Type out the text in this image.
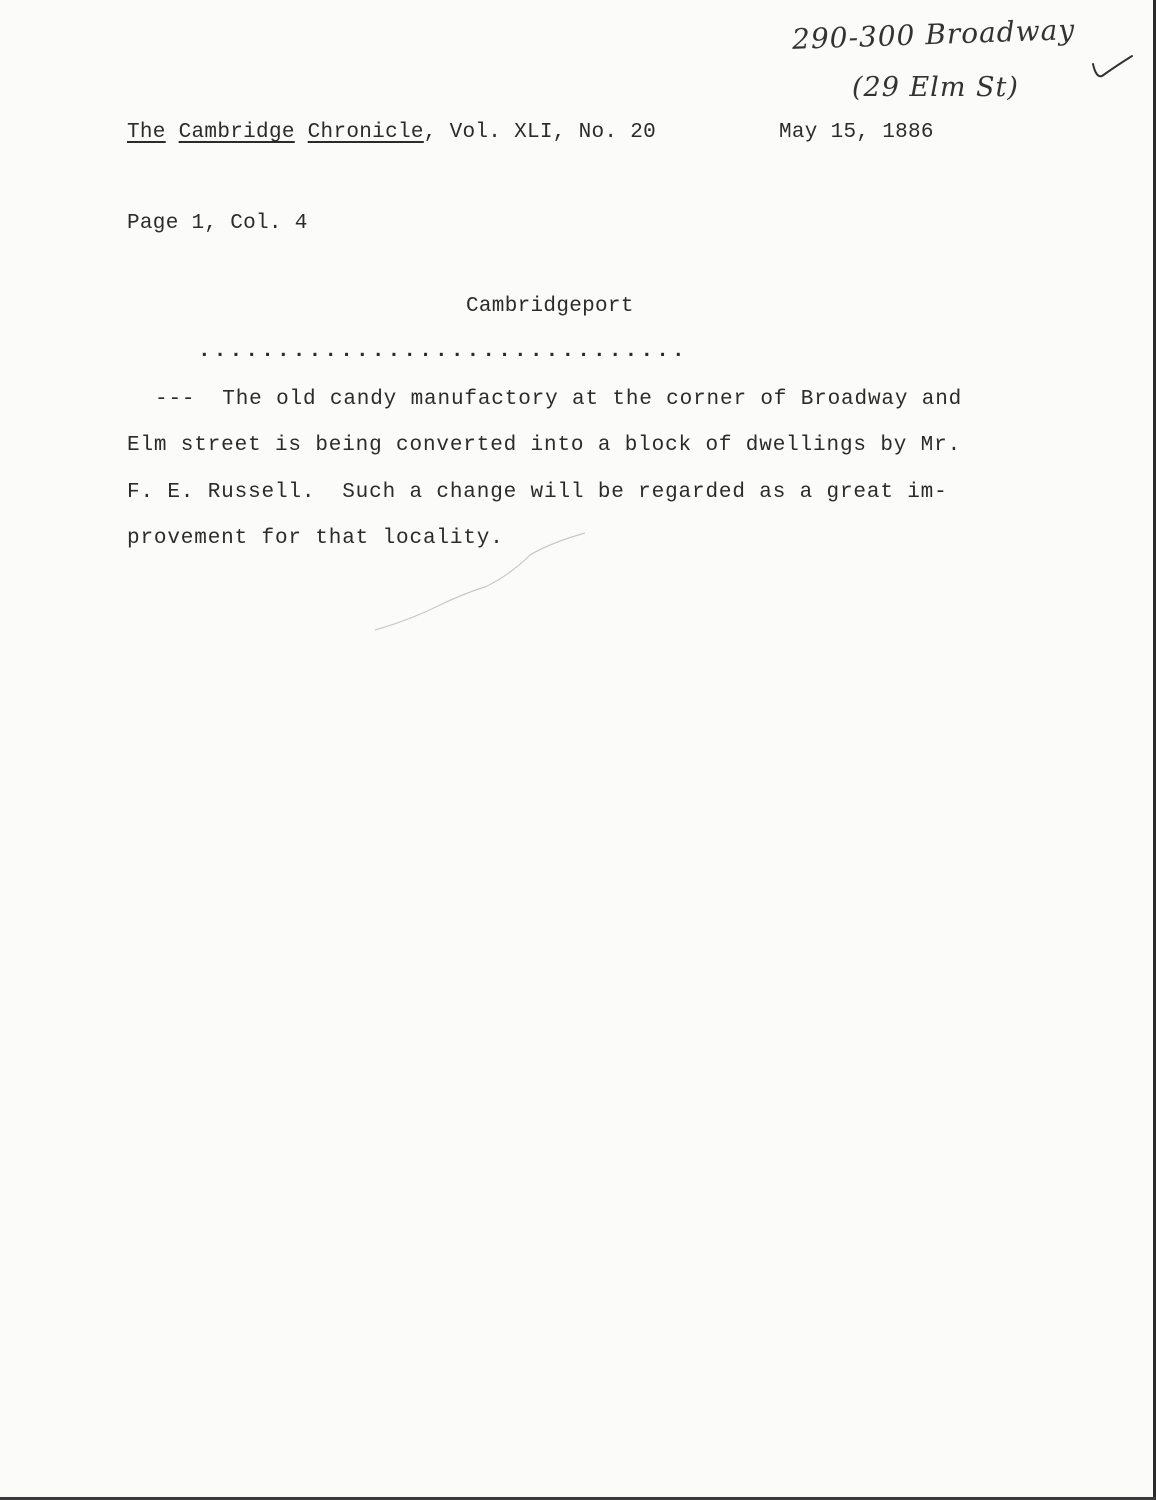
290-300 Broadway
(29 Elm St)
The Cambridge Chronicle, Vol. XLI, No. 20	May 15, 1886
Page 1, Col. 4
Cambridgeport
...............................
---  The old candy manufactory at the corner of Broadway and
Elm street is being converted into a block of dwellings by Mr.
F. E. Russell.  Such a change will be regarded as a great im-
provement for that locality.
